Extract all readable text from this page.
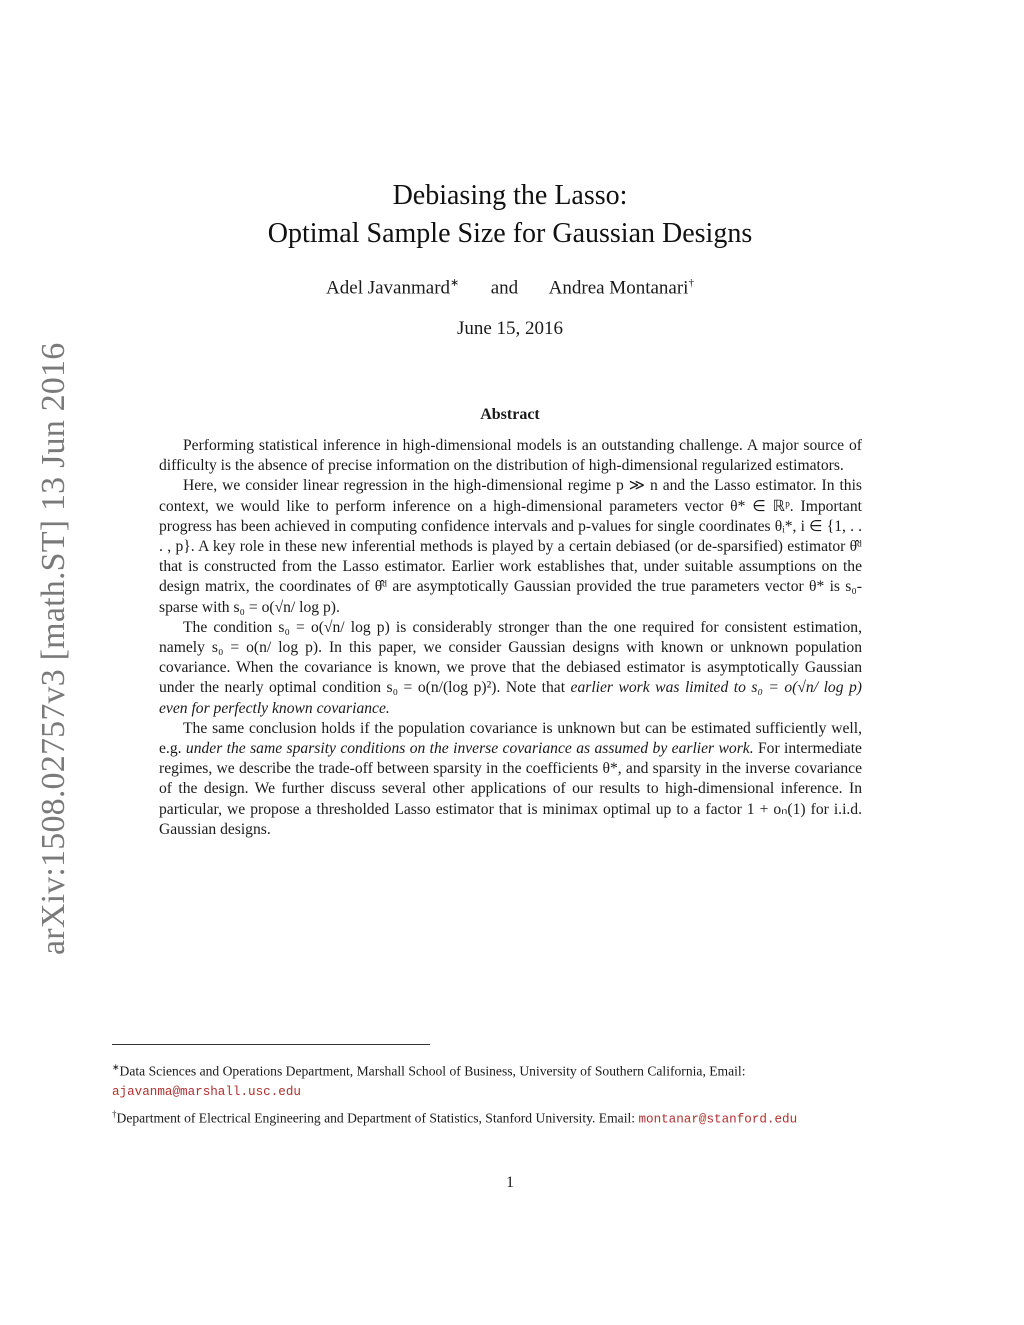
arXiv:1508.02757v3 [math.ST] 13 Jun 2016
Debiasing the Lasso:
Optimal Sample Size for Gaussian Designs
Adel Javanmard∗ and Andrea Montanari†
June 15, 2016
Abstract

Performing statistical inference in high-dimensional models is an outstanding challenge. A major source of difficulty is the absence of precise information on the distribution of high-dimensional regularized estimators.

Here, we consider linear regression in the high-dimensional regime p ≫ n and the Lasso estimator. In this context, we would like to perform inference on a high-dimensional parameters vector θ* ∈ ℝᵖ. Important progress has been achieved in computing confidence intervals and p-values for single coordinates θᵢ*, i ∈ {1, . . . , p}. A key role in these new inferential methods is played by a certain debiased (or de-sparsified) estimator θ̂ᵈ that is constructed from the Lasso estimator. Earlier work establishes that, under suitable assumptions on the design matrix, the coordinates of θ̂ᵈ are asymptotically Gaussian provided the true parameters vector θ* is s₀-sparse with s₀ = o(√n/ log p).

The condition s₀ = o(√n/ log p) is considerably stronger than the one required for consistent estimation, namely s₀ = o(n/ log p). In this paper, we consider Gaussian designs with known or unknown population covariance. When the covariance is known, we prove that the debiased estimator is asymptotically Gaussian under the nearly optimal condition s₀ = o(n/(log p)²). Note that earlier work was limited to s₀ = o(√n/ log p) even for perfectly known covariance.

The same conclusion holds if the population covariance is unknown but can be estimated sufficiently well, e.g. under the same sparsity conditions on the inverse covariance as assumed by earlier work. For intermediate regimes, we describe the trade-off between sparsity in the coefficients θ*, and sparsity in the inverse covariance of the design. We further discuss several other applications of our results to high-dimensional inference. In particular, we propose a thresholded Lasso estimator that is minimax optimal up to a factor 1 + oₙ(1) for i.i.d. Gaussian designs.

∗Data Sciences and Operations Department, Marshall School of Business, University of Southern California, Email:
ajavanma@marshall.usc.edu
†Department of Electrical Engineering and Department of Statistics, Stanford University. Email: montanar@stanford.edu
1
